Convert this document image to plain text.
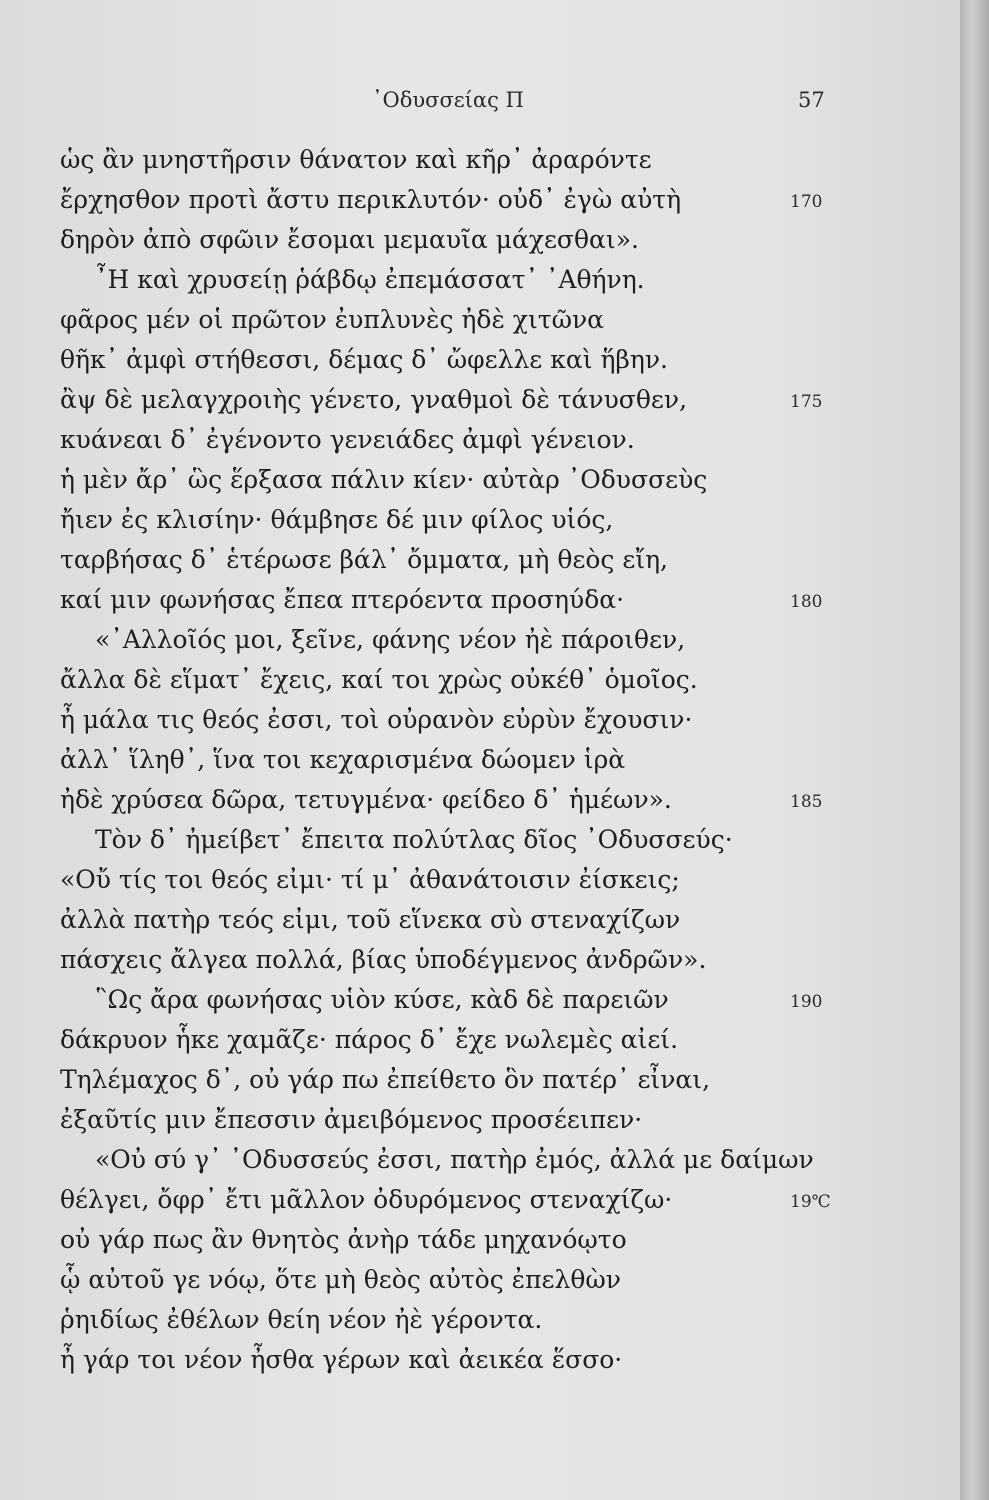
᾿Οδυσσείας Π	57
ὡς ἂν μνηστῆρσιν θάνατον καὶ κῆρ᾽ ἀραρόντε
ἔρχησθον προτὶ ἄστυ περικλυτόν· οὐδ᾽ ἐγὼ αὐτὴ	170
δηρὸν ἀπὸ σφῶιν ἔσομαι μεμαυῖα μάχεσθαι».
῏Η καὶ χρυσείῃ ῥάβδῳ ἐπεμάσσατ᾽ ᾿Αθήνη.
φᾶρος μέν οἱ πρῶτον ἐυπλυνὲς ἠδὲ χιτῶνα
θῆκ᾽ ἀμφὶ στήθεσσι, δέμας δ᾽ ὤφελλε καὶ ἥβην.
ἂψ δὲ μελαγχροιὴς γένετο, γναθμοὶ δὲ τάνυσθεν,	175
κυάνεαι δ᾽ ἐγένοντο γενειάδες ἀμφὶ γένειον.
ἡ μὲν ἄρ᾽ ὣς ἕρξασα πάλιν κίεν· αὐτὰρ ᾿Οδυσσεὺς
ἤιεν ἐς κλισίην· θάμβησε δέ μιν φίλος υἱός,
ταρβήσας δ᾽ ἑτέρωσε βάλ᾽ ὄμματα, μὴ θεὸς εἴη,
καί μιν φωνήσας ἔπεα πτερόεντα προσηύδα·	180
«᾿Αλλοῖός μοι, ξεῖνε, φάνης νέον ἠὲ πάροιθεν,
ἄλλα δὲ εἵματ᾽ ἔχεις, καί τοι χρὼς οὐκέθ᾽ ὁμοῖος.
ἦ μάλα τις θεός ἐσσι, τοὶ οὐρανὸν εὐρὺν ἔχουσιν·
ἀλλ᾽ ἵληθ᾽, ἵνα τοι κεχαρισμένα δώομεν ἱρὰ
ἠδὲ χρύσεα δῶρα, τετυγμένα· φείδεο δ᾽ ἡμέων».	185
Τὸν δ᾽ ἠμείβετ᾽ ἔπειτα πολύτλας δῖος ᾿Οδυσσεύς·
«Οὔ τίς τοι θεός εἰμι· τί μ᾽ ἀθανάτοισιν ἐίσκεις;
ἀλλὰ πατὴρ τεός εἰμι, τοῦ εἵνεκα σὺ στεναχίζων
πάσχεις ἄλγεα πολλά, βίας ὑποδέγμενος ἀνδρῶν».
῝Ως ἄρα φωνήσας υἱὸν κύσε, κὰδ δὲ παρειῶν	190
δάκρυον ἧκε χαμᾶζε· πάρος δ᾽ ἔχε νωλεμὲς αἰεί.
Τηλέμαχος δ᾽, οὐ γάρ πω ἐπείθετο ὃν πατέρ᾽ εἶναι,
ἐξαῦτίς μιν ἔπεσσιν ἀμειβόμενος προσέειπεν·
«Οὐ σύ γ᾽ ᾿Οδυσσεύς ἐσσι, πατὴρ ἐμός, ἀλλά με δαίμων
θέλγει, ὄφρ᾽ ἔτι μᾶλλον ὀδυρόμενος στεναχίζω·	19℃
οὐ γάρ πως ἂν θνητὸς ἀνὴρ τάδε μηχανόῳτο
ᾧ αὐτοῦ γε νόῳ, ὅτε μὴ θεὸς αὐτὸς ἐπελθὼν
ῥηιδίως ἐθέλων θείη νέον ἠὲ γέροντα.
ἦ γάρ τοι νέον ἦσθα γέρων καὶ ἀεικέα ἕσσο·
